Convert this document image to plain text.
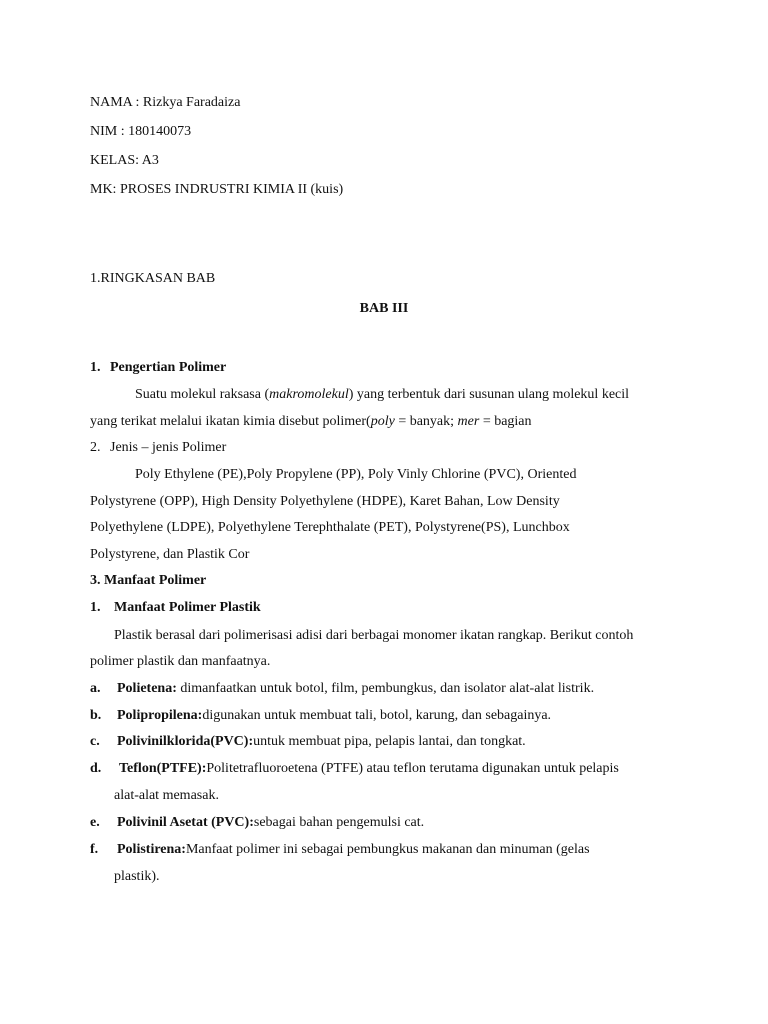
NAMA : Rizkya Faradaiza
NIM : 180140073
KELAS: A3
MK: PROSES INDRUSTRI KIMIA II (kuis)
1.RINGKASAN BAB
BAB III
1. Pengertian Polimer
Suatu molekul raksasa (makromolekul) yang terbentuk dari susunan ulang molekul kecil
yang terikat melalui ikatan kimia disebut polimer(poly = banyak; mer = bagian
2. Jenis – jenis Polimer
Poly Ethylene (PE),Poly Propylene (PP), Poly Vinly Chlorine (PVC), Oriented
Polystyrene (OPP), High Density Polyethylene (HDPE), Karet Bahan, Low Density
Polyethylene (LDPE), Polyethylene Terephthalate (PET), Polystyrene(PS), Lunchbox
Polystyrene, dan Plastik Cor
3. Manfaat Polimer
1. Manfaat Polimer Plastik
Plastik berasal dari polimerisasi adisi dari berbagai monomer ikatan rangkap. Berikut contoh
polimer plastik dan manfaatnya.
a. Polietena: dimanfaatkan untuk botol, film, pembungkus, dan isolator alat-alat listrik.
b. Polipropilena:digunakan untuk membuat tali, botol, karung, dan sebagainya.
c. Polivinilklorida(PVC):untuk membuat pipa, pelapis lantai, dan tongkat.
d. Teflon(PTFE):Politetrafluoroetena (PTFE) atau teflon terutama digunakan untuk pelapis
alat-alat memasak.
e. Polivinil Asetat (PVC):sebagai bahan pengemulsi cat.
f. Polistirena:Manfaat polimer ini sebagai pembungkus makanan dan minuman (gelas
plastik).
